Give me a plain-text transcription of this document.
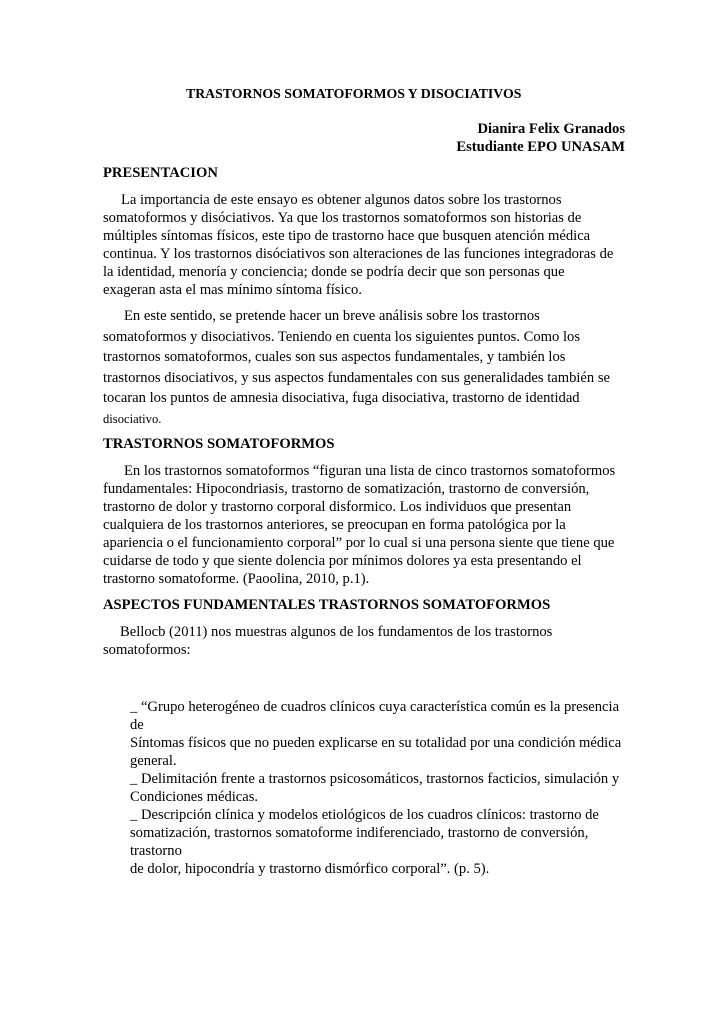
TRASTORNOS SOMATOFORMOS Y DISOCIATIVOS
Dianira Felix Granados
Estudiante EPO UNASAM
PRESENTACION
La importancia de este ensayo es obtener algunos datos sobre los trastornos
somatoformos y disóciativos. Ya que los trastornos somatoformos son historias de
múltiples síntomas físicos, este tipo de trastorno hace que busquen atención médica
continua. Y los trastornos disóciativos son alteraciones de las funciones integradoras de
la identidad, menoría y conciencia; donde se podría decir que son personas que
exageran asta el mas mínimo síntoma físico.
En este sentido, se pretende hacer un breve análisis sobre los trastornos
somatoformos y disociativos. Teniendo en cuenta los siguientes puntos. Como los
trastornos somatoformos, cuales son sus aspectos fundamentales, y también los
trastornos disociativos, y sus aspectos fundamentales con sus generalidades también se
tocaran los puntos de amnesia disociativa, fuga disociativa, trastorno de identidad
disociativo.
TRASTORNOS SOMATOFORMOS
En los trastornos somatoformos “figuran una lista de cinco trastornos somatoformos
fundamentales: Hipocondriasis, trastorno de somatización, trastorno de conversión,
trastorno de dolor y trastorno corporal disformico. Los individuos que presentan
cualquiera de los trastornos anteriores, se preocupan en forma patológica por la
apariencia o el funcionamiento corporal” por lo cual si una persona siente que tiene que
cuidarse de todo y que siente dolencia por mínimos dolores ya esta presentando el
trastorno somatoforme. (Paoolina, 2010, p.1).
ASPECTOS FUNDAMENTALES TRASTORNOS SOMATOFORMOS
Bellocb (2011) nos muestras algunos de los fundamentos de los trastornos
somatoformos:
_ “Grupo heterogéneo de cuadros clínicos cuya característica común es la presencia
de
Síntomas físicos que no pueden explicarse en su totalidad por una condición médica
general.
_ Delimitación frente a trastornos psicosomáticos, trastornos facticios, simulación y
Condiciones médicas.
_ Descripción clínica y modelos etiológicos de los cuadros clínicos: trastorno de
somatización, trastornos somatoforme indiferenciado, trastorno de conversión,
trastorno
de dolor, hipocondría y trastorno dismórfico corporal”. (p. 5).
